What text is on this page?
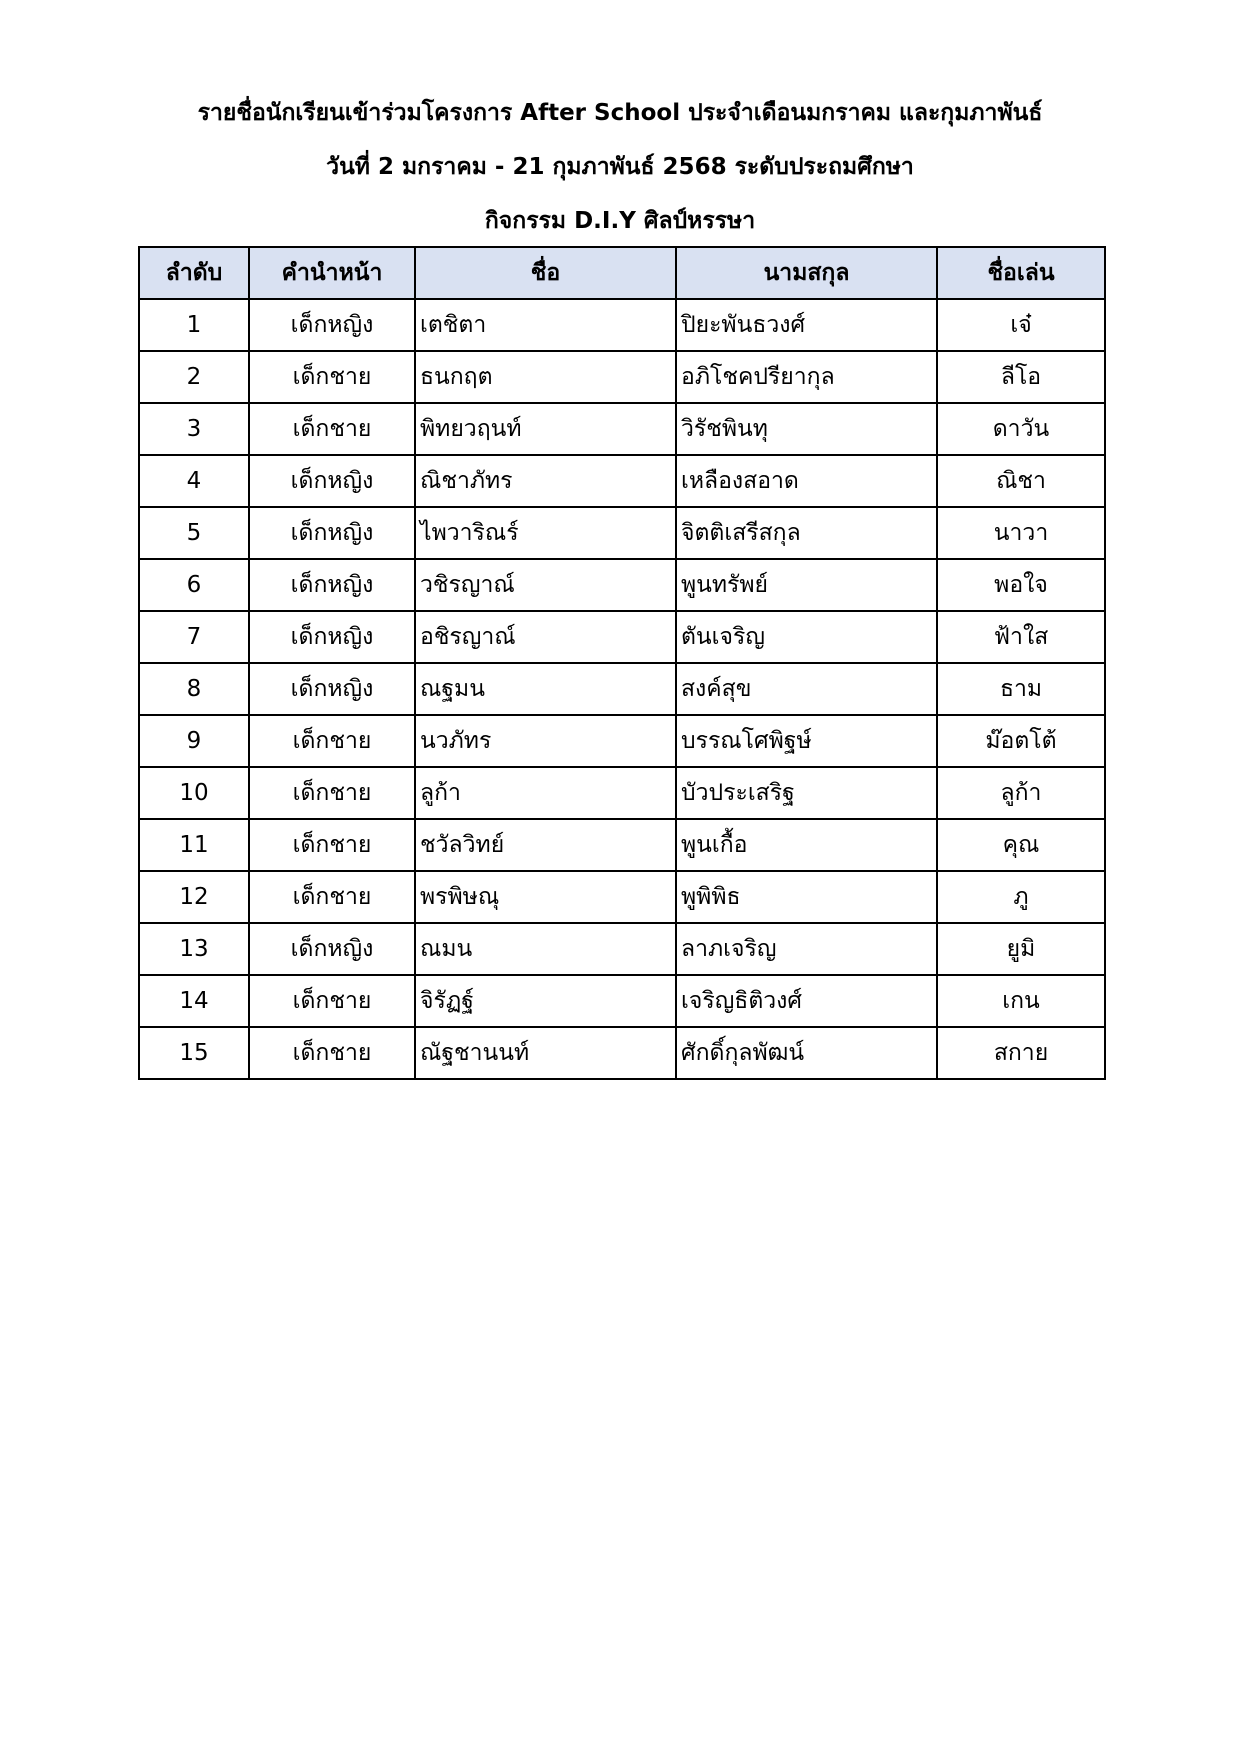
รายชื่อนักเรียนเข้าร่วมโครงการ After School ประจำเดือนมกราคม และกุมภาพันธ์
วันที่ 2 มกราคม - 21 กุมภาพันธ์ 2568 ระดับประถมศึกษา
กิจกรรม D.I.Y ศิลป์หรรษา
ลำดับ	คำนำหน้า	ชื่อ	นามสกุล	ชื่อเล่น
1	เด็กหญิง	เตชิตา	ปิยะพันธวงศ์	เจ๋
2	เด็กชาย	ธนกฤต	อภิโชคปรียากุล	ลีโอ
3	เด็กชาย	พิทยวฤนท์	วิรัชพินทุ	ดาวัน
4	เด็กหญิง	ณิชาภัทร	เหลืองสอาด	ณิชา
5	เด็กหญิง	ไพวาริณร์	จิตติเสรีสกุล	นาวา
6	เด็กหญิง	วชิรญาณ์	พูนทรัพย์	พอใจ
7	เด็กหญิง	อชิรญาณ์	ตันเจริญ	ฟ้าใส
8	เด็กหญิง	ณฐมน	สงค์สุข	ธาม
9	เด็กชาย	นวภัทร	บรรณโศพิฐษ์	ม๊อตโต้
10	เด็กชาย	ลูก้า	บัวประเสริฐ	ลูก้า
11	เด็กชาย	ชวัลวิทย์	พูนเกื้อ	คุณ
12	เด็กชาย	พรพิษณุ	พูพิพิธ	ภู
13	เด็กหญิง	ณมน	ลาภเจริญ	ยูมิ
14	เด็กชาย	จิรัฏฐ์	เจริญธิติวงศ์	เกน
15	เด็กชาย	ณัฐชานนท์	ศักดิ์กุลพัฒน์	สกาย
